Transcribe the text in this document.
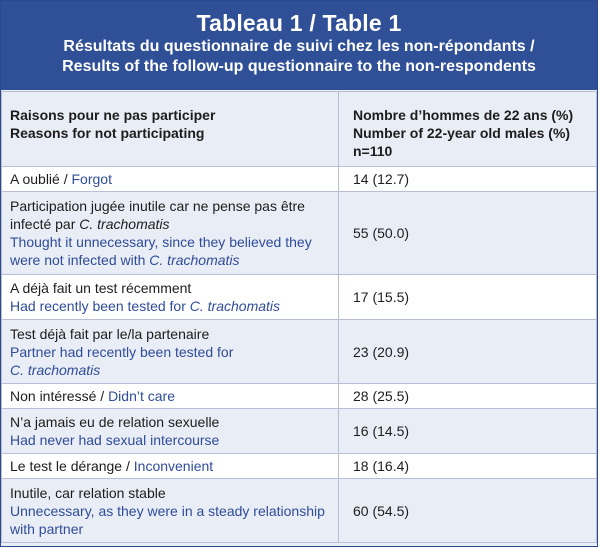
Tableau 1 / Table 1
Résultats du questionnaire de suivi chez les non-répondants /
Results of the follow-up questionnaire to the non-respondents
Raisons pour ne pas participer
Reasons for not participating	Nombre d’hommes de 22 ans (%)
Number of 22-year old males (%)
n=110
A oublié / Forgot	14 (12.7)
Participation jugée inutile car ne pense pas être infecté par C. trachomatis
Thought it unnecessary, since they believed they were not infected with C. trachomatis	55 (50.0)
A déjà fait un test récemment
Had recently been tested for C. trachomatis	17 (15.5)
Test déjà fait par le/la partenaire
Partner had recently been tested for
C. trachomatis	23 (20.9)
Non intéressé / Didn’t care	28 (25.5)
N’a jamais eu de relation sexuelle
Had never had sexual intercourse	16 (14.5)
Le test le dérange / Inconvenient	18 (16.4)
Inutile, car relation stable
Unnecessary, as they were in a steady relationship with partner	60 (54.5)
